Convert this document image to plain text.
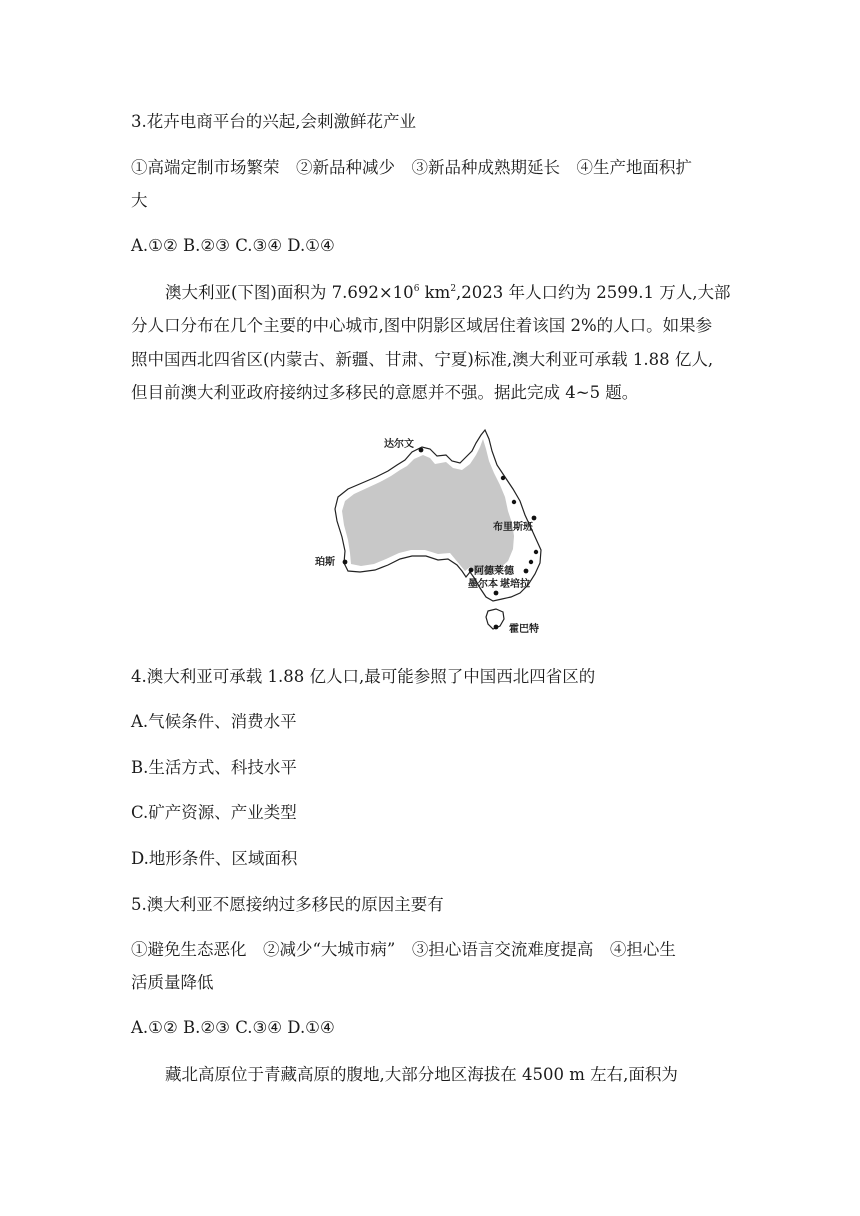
3.花卉电商平台的兴起,会刺激鲜花产业
①高端定制市场繁荣　②新品种减少　③新品种成熟期延长　④生产地面积扩
大
A.①② B.②③ C.③④ D.①④
澳大利亚(下图)面积为 $7.692\times 10^6$ $km^2,2023$ 年人口约为 2599.1 万人,大部
分人口分布在几个主要的中心城市,图中阴影区域居住着该国 2%的人口。如果参
照中国西北四省区(内蒙古、新疆、甘肃、宁夏)标准,澳大利亚可承载 1.88 亿人,
但目前澳大利亚政府接纳过多移民的意愿并不强。据此完成 4~5 题。
达尔文
布里斯班
珀斯
阿德莱德
墨尔本 堪培拉
霍巴特
4.澳大利亚可承载 1.88 亿人口,最可能参照了中国西北四省区的
A.气候条件、消费水平
B.生活方式、科技水平
C.矿产资源、产业类型
D.地形条件、区域面积
5.澳大利亚不愿接纳过多移民的原因主要有
①避免生态恶化　②减少“大城市病”　③担心语言交流难度提高　④担心生
活质量降低
A.①② B.②③ C.③④ D.①④
藏北高原位于青藏高原的腹地,大部分地区海拔在 4500 m 左右,面积为
